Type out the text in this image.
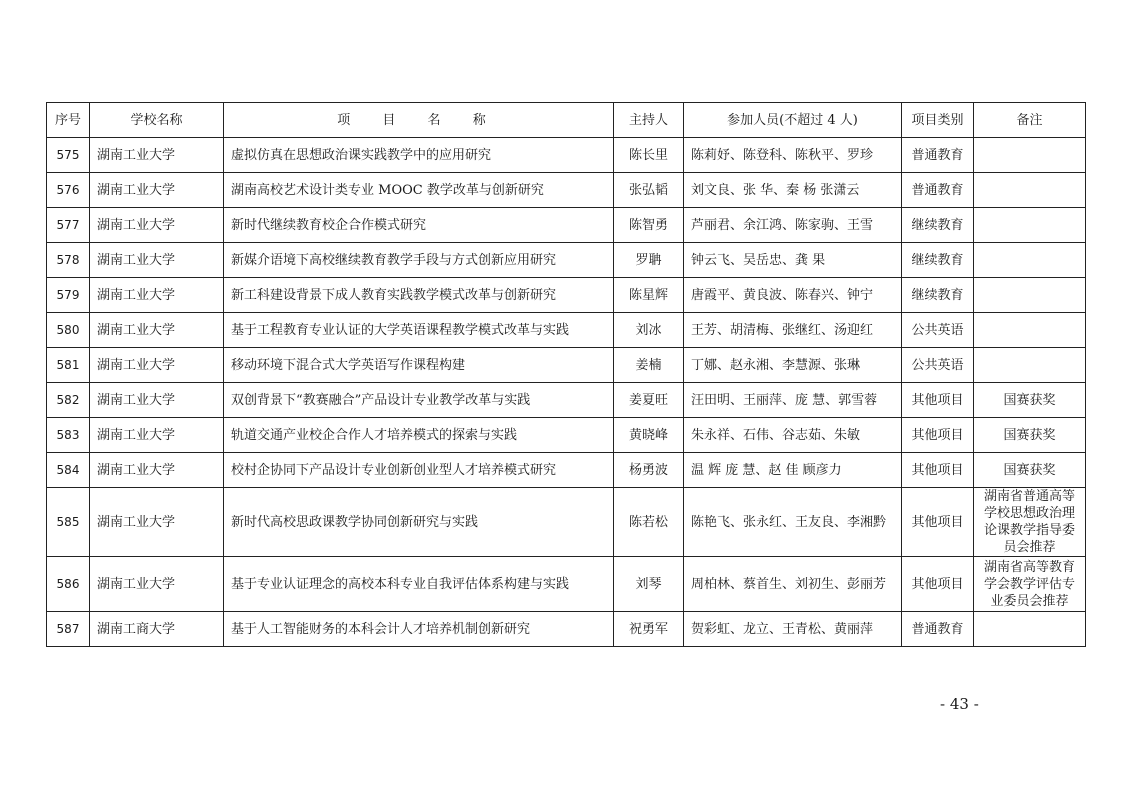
序号	学校名称	项 目 名 称	主持人	参加人员(不超过 4 人)	项目类别	备注
575	湖南工业大学	虚拟仿真在思想政治课实践教学中的应用研究	陈长里	陈莉妤、陈登科、陈秋平、罗珍	普通教育	
576	湖南工业大学	湖南高校艺术设计类专业 MOOC 教学改革与创新研究	张弘韬	刘文良、张 华、秦 杨 张潇云	普通教育	
577	湖南工业大学	新时代继续教育校企合作模式研究	陈智勇	芦丽君、余江鸿、陈家驹、王雪	继续教育	
578	湖南工业大学	新媒介语境下高校继续教育教学手段与方式创新应用研究	罗聃	钟云飞、吴岳忠、龚 果	继续教育	
579	湖南工业大学	新工科建设背景下成人教育实践教学模式改革与创新研究	陈星辉	唐霞平、黄良波、陈春兴、钟宁	继续教育	
580	湖南工业大学	基于工程教育专业认证的大学英语课程教学模式改革与实践	刘冰	王芳、胡清梅、张继红、汤迎红	公共英语	
581	湖南工业大学	移动环境下混合式大学英语写作课程构建	姜楠	丁娜、赵永湘、李慧源、张琳	公共英语	
582	湖南工业大学	双创背景下“教赛融合”产品设计专业教学改革与实践	姜夏旺	汪田明、王丽萍、庞 慧、郭雪蓉	其他项目	国赛获奖
583	湖南工业大学	轨道交通产业校企合作人才培养模式的探索与实践	黄晓峰	朱永祥、石伟、谷志茹、朱敏	其他项目	国赛获奖
584	湖南工业大学	校村企协同下产品设计专业创新创业型人才培养模式研究	杨勇波	温 辉 庞 慧、赵 佳 顾彦力	其他项目	国赛获奖
585	湖南工业大学	新时代高校思政课教学协同创新研究与实践	陈若松	陈艳飞、张永红、王友良、李湘黔	其他项目	湖南省普通高等学校思想政治理论课教学指导委员会推荐
586	湖南工业大学	基于专业认证理念的高校本科专业自我评估体系构建与实践	刘琴	周柏林、蔡首生、刘初生、彭丽芳	其他项目	湖南省高等教育学会教学评估专业委员会推荐
587	湖南工商大学	基于人工智能财务的本科会计人才培养机制创新研究	祝勇军	贺彩虹、龙立、王青松、黄丽萍	普通教育	
- 43 -
